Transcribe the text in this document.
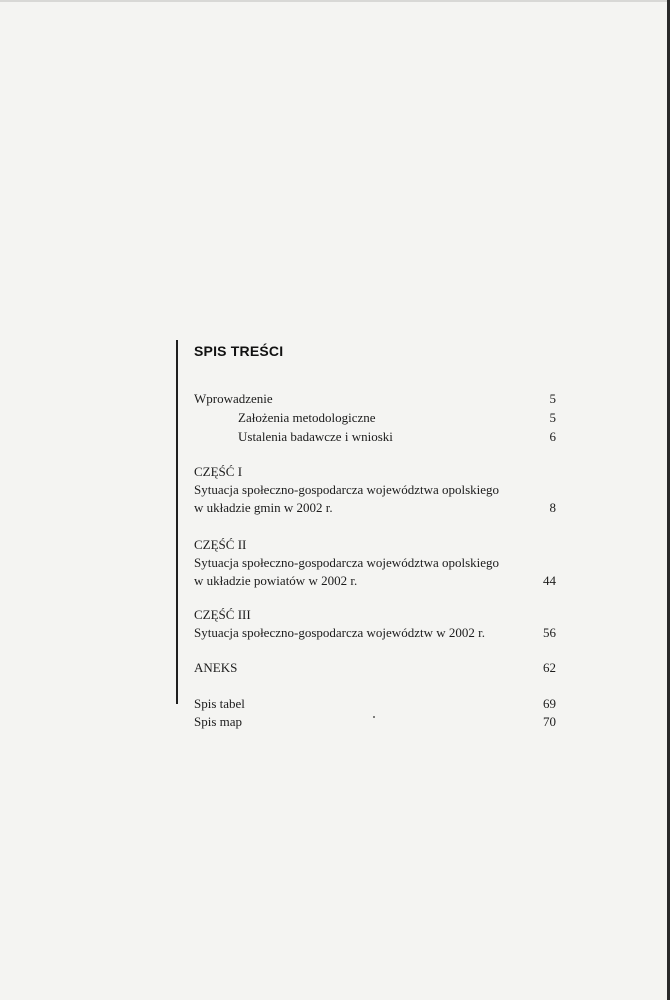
SPIS TREŚCI
Wprowadzenie	5
Założenia metodologiczne	5
Ustalenia badawcze i wnioski	6
CZĘŚĆ I
Sytuacja społeczno-gospodarcza województwa opolskiego
w układzie gmin w 2002 r.	8
CZĘŚĆ II
Sytuacja społeczno-gospodarcza województwa opolskiego
w układzie powiatów w 2002 r.	44
CZĘŚĆ III
Sytuacja społeczno-gospodarcza województw w 2002 r.	56
ANEKS	62
Spis tabel	69
Spis map	70
